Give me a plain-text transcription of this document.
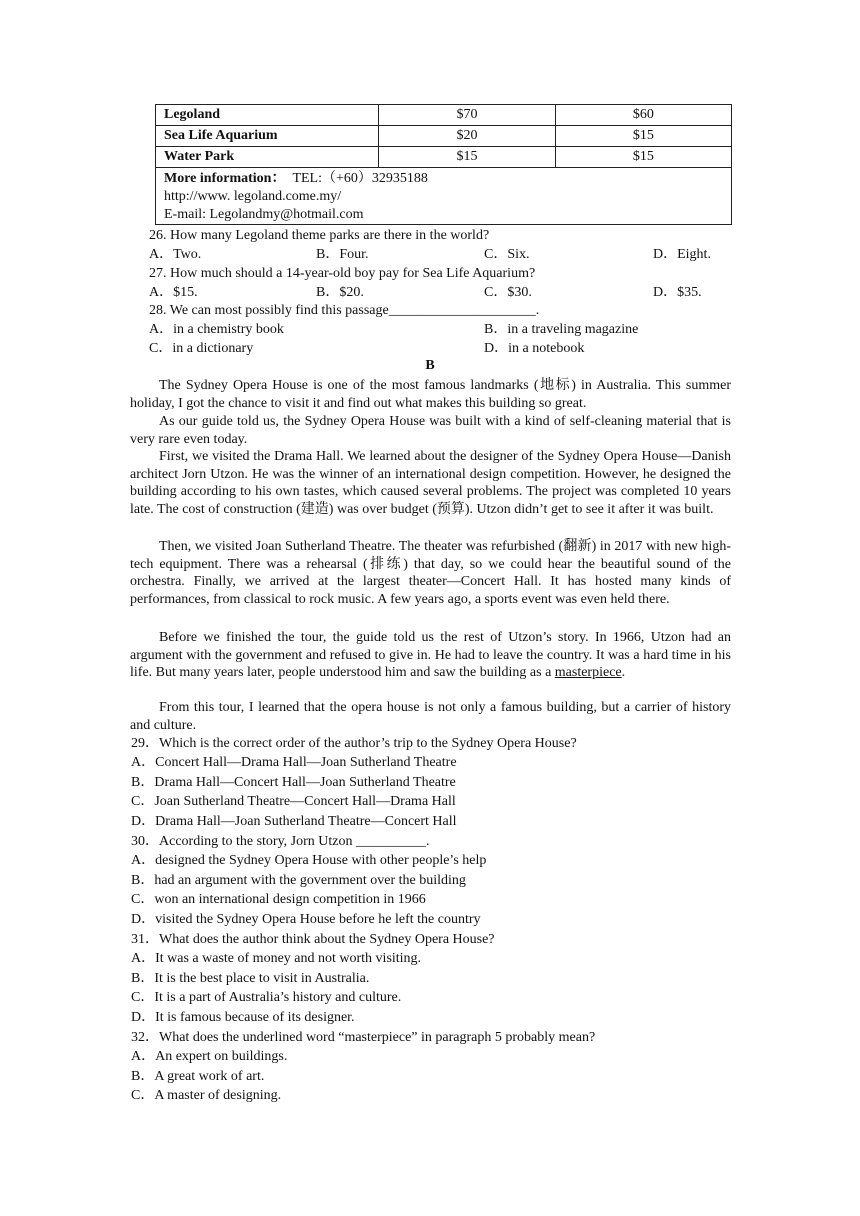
Legoland	$70	$60
Sea Life Aquarium	$20	$15
Water Park	$15	$15

More information： TEL:（+60）32935188
http://www. legoland.come.my/
E-mail: Legolandmy@hotmail.com		
26. How many Legoland theme parks are there in the world?
A．Two.	B．Four.	C．Six.	D．Eight.
27. How much should a 14-year-old boy pay for Sea Life Aquarium?
A．$15.	B．$20.	C．$30.	D．$35.
28. We can most possibly find this passage_____________________.
A．in a chemistry book	B．in a traveling magazine
C．in a dictionary	D．in a notebook
B
The Sydney Opera House is one of the most famous landmarks (地标) in Australia. This summer holiday, I got the chance to visit it and find out what makes this building so great.
As our guide told us, the Sydney Opera House was built with a kind of self-cleaning material that is very rare even today.
First, we visited the Drama Hall. We learned about the designer of the Sydney Opera House—Danish architect Jorn Utzon. He was the winner of an international design competition. However, he designed the building according to his own tastes, which caused several problems. The project was completed 10 years late. The cost of construction (建造) was over budget (预算). Utzon didn’t get to see it after it was built.
Then, we visited Joan Sutherland Theatre. The theater was refurbished (翻新) in 2017 with new high-tech equipment. There was a rehearsal (排练) that day, so we could hear the beautiful sound of the orchestra. Finally, we arrived at the largest theater—Concert Hall. It has hosted many kinds of performances, from classical to rock music. A few years ago, a sports event was even held there.
Before we finished the tour, the guide told us the rest of Utzon’s story. In 1966, Utzon had an argument with the government and refused to give in. He had to leave the country. It was a hard time in his life. But many years later, people understood him and saw the building as a masterpiece.
From this tour, I learned that the opera house is not only a famous building, but a carrier of history and culture.
29．Which is the correct order of the author’s trip to the Sydney Opera House?
A．Concert Hall—Drama Hall—Joan Sutherland Theatre
B．Drama Hall—Concert Hall—Joan Sutherland Theatre
C．Joan Sutherland Theatre—Concert Hall—Drama Hall
D．Drama Hall—Joan Sutherland Theatre—Concert Hall
30．According to the story, Jorn Utzon __________.
A．designed the Sydney Opera House with other people’s help
B．had an argument with the government over the building
C．won an international design competition in 1966
D．visited the Sydney Opera House before he left the country
31．What does the author think about the Sydney Opera House?
A．It was a waste of money and not worth visiting.
B．It is the best place to visit in Australia.
C．It is a part of Australia’s history and culture.
D．It is famous because of its designer.
32．What does the underlined word “masterpiece” in paragraph 5 probably mean?
A．An expert on buildings.
B．A great work of art.
C．A master of designing.
